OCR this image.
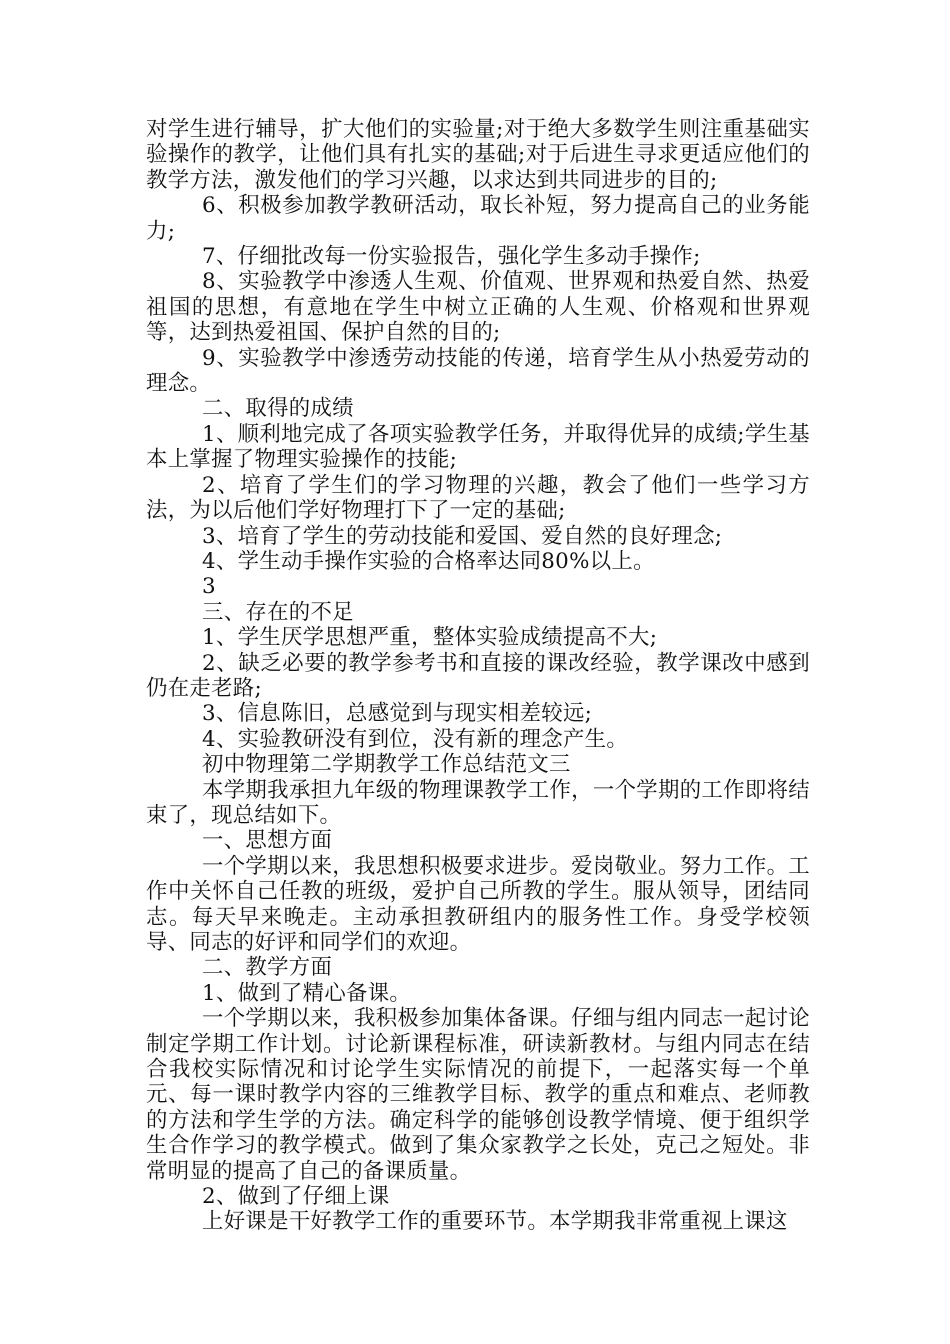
对学生进行辅导，扩大他们的实验量;对于绝大多数学生则注重基础实验操作的教学，让他们具有扎实的基础;对于后进生寻求更适应他们的教学方法，激发他们的学习兴趣，以求达到共同进步的目的;

6、积极参加教学教研活动，取长补短，努力提高自己的业务能力;

7、仔细批改每一份实验报告，强化学生多动手操作;

8、实验教学中渗透人生观、价值观、世界观和热爱自然、热爱祖国的思想，有意地在学生中树立正确的人生观、价格观和世界观等，达到热爱祖国、保护自然的目的;

9、实验教学中渗透劳动技能的传递，培育学生从小热爱劳动的理念。

二、取得的成绩

1、顺利地完成了各项实验教学任务，并取得优异的成绩;学生基本上掌握了物理实验操作的技能;

2、培育了学生们的学习物理的兴趣，教会了他们一些学习方法，为以后他们学好物理打下了一定的基础;

3、培育了学生的劳动技能和爱国、爱自然的良好理念;

4、学生动手操作实验的合格率达同80%以上。

3

三、存在的不足

1、学生厌学思想严重，整体实验成绩提高不大;

2、缺乏必要的教学参考书和直接的课改经验，教学课改中感到仍在走老路;

3、信息陈旧，总感觉到与现实相差较远;

4、实验教研没有到位，没有新的理念产生。

初中物理第二学期教学工作总结范文三

本学期我承担九年级的物理课教学工作，一个学期的工作即将结束了，现总结如下。

一、思想方面

一个学期以来，我思想积极要求进步。爱岗敬业。努力工作。工作中关怀自己任教的班级，爱护自己所教的学生。服从领导，团结同志。每天早来晚走。主动承担教研组内的服务性工作。身受学校领导、同志的好评和同学们的欢迎。

二、教学方面

1、做到了精心备课。

一个学期以来，我积极参加集体备课。仔细与组内同志一起讨论制定学期工作计划。讨论新课程标准，研读新教材。与组内同志在结合我校实际情况和讨论学生实际情况的前提下，一起落实每一个单元、每一课时教学内容的三维教学目标、教学的重点和难点、老师教的方法和学生学的方法。确定科学的能够创设教学情境、便于组织学生合作学习的教学模式。做到了集众家教学之长处，克己之短处。非常明显的提高了自己的备课质量。

2、做到了仔细上课

上好课是干好教学工作的重要环节。本学期我非常重视上课这
